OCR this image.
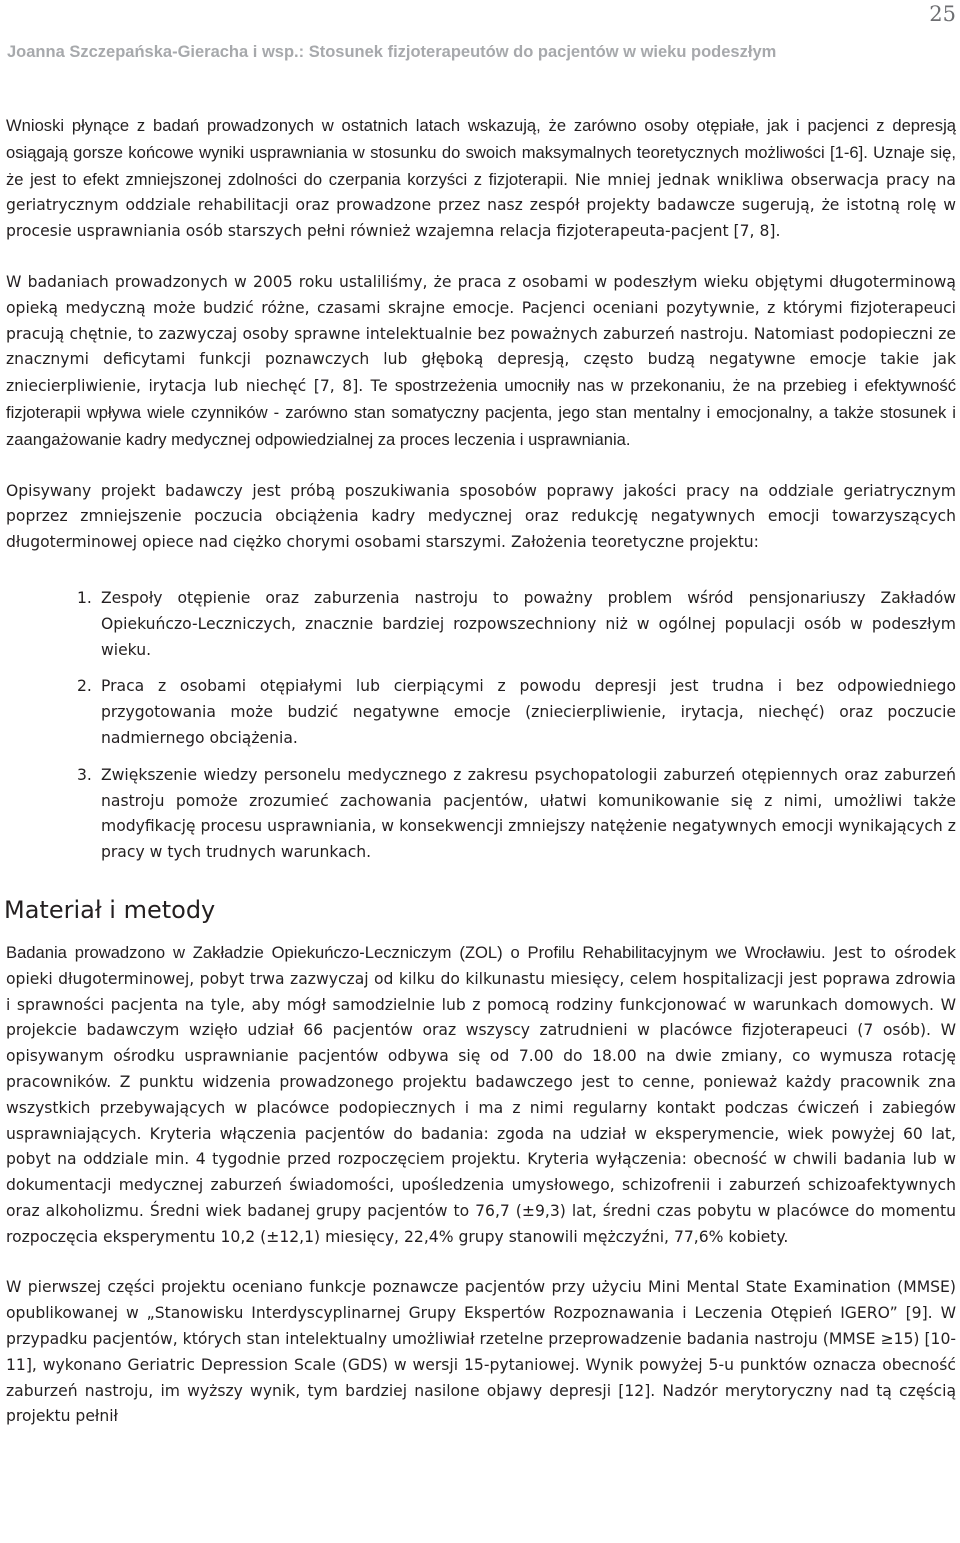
25
Joanna Szczepańska-Gieracha i wsp.: Stosunek fizjoterapeutów do pacjentów w wieku podeszłym

Wnioski płynące z badań prowadzonych w ostatnich latach wskazują, że zarówno osoby otępiałe, jak i pacjenci z depresją osiągają gorsze końcowe wyniki usprawniania w stosunku do swoich maksymalnych teoretycznych możliwości [1-6]. Uznaje się, że jest to efekt zmniejszonej zdolności do czerpania korzyści z fizjoterapii. Nie mniej jednak wnikliwa obserwacja pracy na geriatrycznym oddziale rehabilitacji oraz prowadzone przez nasz zespół projekty badawcze sugerują, że istotną rolę w procesie usprawniania osób starszych pełni również wzajemna relacja fizjoterapeuta-pacjent [7, 8].

W badaniach prowadzonych w 2005 roku ustaliliśmy, że praca z osobami w podeszłym wieku objętymi długoterminową opieką medyczną może budzić różne, czasami skrajne emocje. Pacjenci oceniani pozytywnie, z którymi fizjoterapeuci pracują chętnie, to zazwyczaj osoby sprawne intelektualnie bez poważnych zaburzeń nastroju. Natomiast podopieczni ze znacznymi deficytami funkcji poznawczych lub głęboką depresją, często budzą negatywne emocje takie jak zniecierpliwienie, irytacja lub niechęć [7, 8]. Te spostrzeżenia umocniły nas w przekonaniu, że na przebieg i efektywność fizjoterapii wpływa wiele czynników - zarówno stan somatyczny pacjenta, jego stan mentalny i emocjonalny, a także stosunek i zaangażowanie kadry medycznej odpowiedzialnej za proces leczenia i usprawniania.

Opisywany projekt badawczy jest próbą poszukiwania sposobów poprawy jakości pracy na oddziale geriatrycznym poprzez zmniejszenie poczucia obciążenia kadry medycznej oraz redukcję negatywnych emocji towarzyszących długoterminowej opiece nad ciężko chorymi osobami starszymi. Założenia teoretyczne projektu:

1. Zespoły otępienie oraz zaburzenia nastroju to poważny problem wśród pensjonariuszy Zakładów Opiekuńczo-Leczniczych, znacznie bardziej rozpowszechniony niż w ogólnej populacji osób w podeszłym wieku.
2. Praca z osobami otępiałymi lub cierpiącymi z powodu depresji jest trudna i bez odpowiedniego przygotowania może budzić negatywne emocje (zniecierpliwienie, irytacja, niechęć) oraz poczucie nadmiernego obciążenia.
3. Zwiększenie wiedzy personelu medycznego z zakresu psychopatologii zaburzeń otępiennych oraz zaburzeń nastroju pomoże zrozumieć zachowania pacjentów, ułatwi komunikowanie się z nimi, umożliwi także modyfikację procesu usprawniania, w konsekwencji zmniejszy natężenie negatywnych emocji wynikających z pracy w tych trudnych warunkach.
Materiał i metody

Badania prowadzono w Zakładzie Opiekuńczo-Leczniczym (ZOL) o Profilu Rehabilitacyjnym we Wrocławiu. Jest to ośrodek opieki długoterminowej, pobyt trwa zazwyczaj od kilku do kilkunastu miesięcy, celem hospitalizacji jest poprawa zdrowia i sprawności pacjenta na tyle, aby mógł samodzielnie lub z pomocą rodziny funkcjonować w warunkach domowych. W projekcie badawczym wzięło udział 66 pacjentów oraz wszyscy zatrudnieni w placówce fizjoterapeuci (7 osób). W opisywanym ośrodku usprawnianie pacjentów odbywa się od 7.00 do 18.00 na dwie zmiany, co wymusza rotację pracowników. Z punktu widzenia prowadzonego projektu badawczego jest to cenne, ponieważ każdy pracownik zna wszystkich przebywających w placówce podopiecznych i ma z nimi regularny kontakt podczas ćwiczeń i zabiegów usprawniających. Kryteria włączenia pacjentów do badania: zgoda na udział w eksperymencie, wiek powyżej 60 lat, pobyt na oddziale min. 4 tygodnie przed rozpoczęciem projektu. Kryteria wyłączenia: obecność w chwili badania lub w dokumentacji medycznej zaburzeń świadomości, upośledzenia umysłowego, schizofrenii i zaburzeń schizoafektywnych oraz alkoholizmu. Średni wiek badanej grupy pacjentów to 76,7 (±9,3) lat, średni czas pobytu w placówce do momentu rozpoczęcia eksperymentu 10,2 (±12,1) miesięcy, 22,4% grupy stanowili mężczyźni, 77,6% kobiety.

W pierwszej części projektu oceniano funkcje poznawcze pacjentów przy użyciu Mini Mental State Examination (MMSE) opublikowanej w „Stanowisku Interdyscyplinarnej Grupy Ekspertów Rozpoznawania i Leczenia Otępień IGERO” [9]. W przypadku pacjentów, których stan intelektualny umożliwiał rzetelne przeprowadzenie badania nastroju (MMSE ≥15) [10-11], wykonano Geriatric Depression Scale (GDS) w wersji 15-pytaniowej. Wynik powyżej 5-u punktów oznacza obecność zaburzeń nastroju, im wyższy wynik, tym bardziej nasilone objawy depresji [12]. Nadzór merytoryczny nad tą częścią projektu pełnił
